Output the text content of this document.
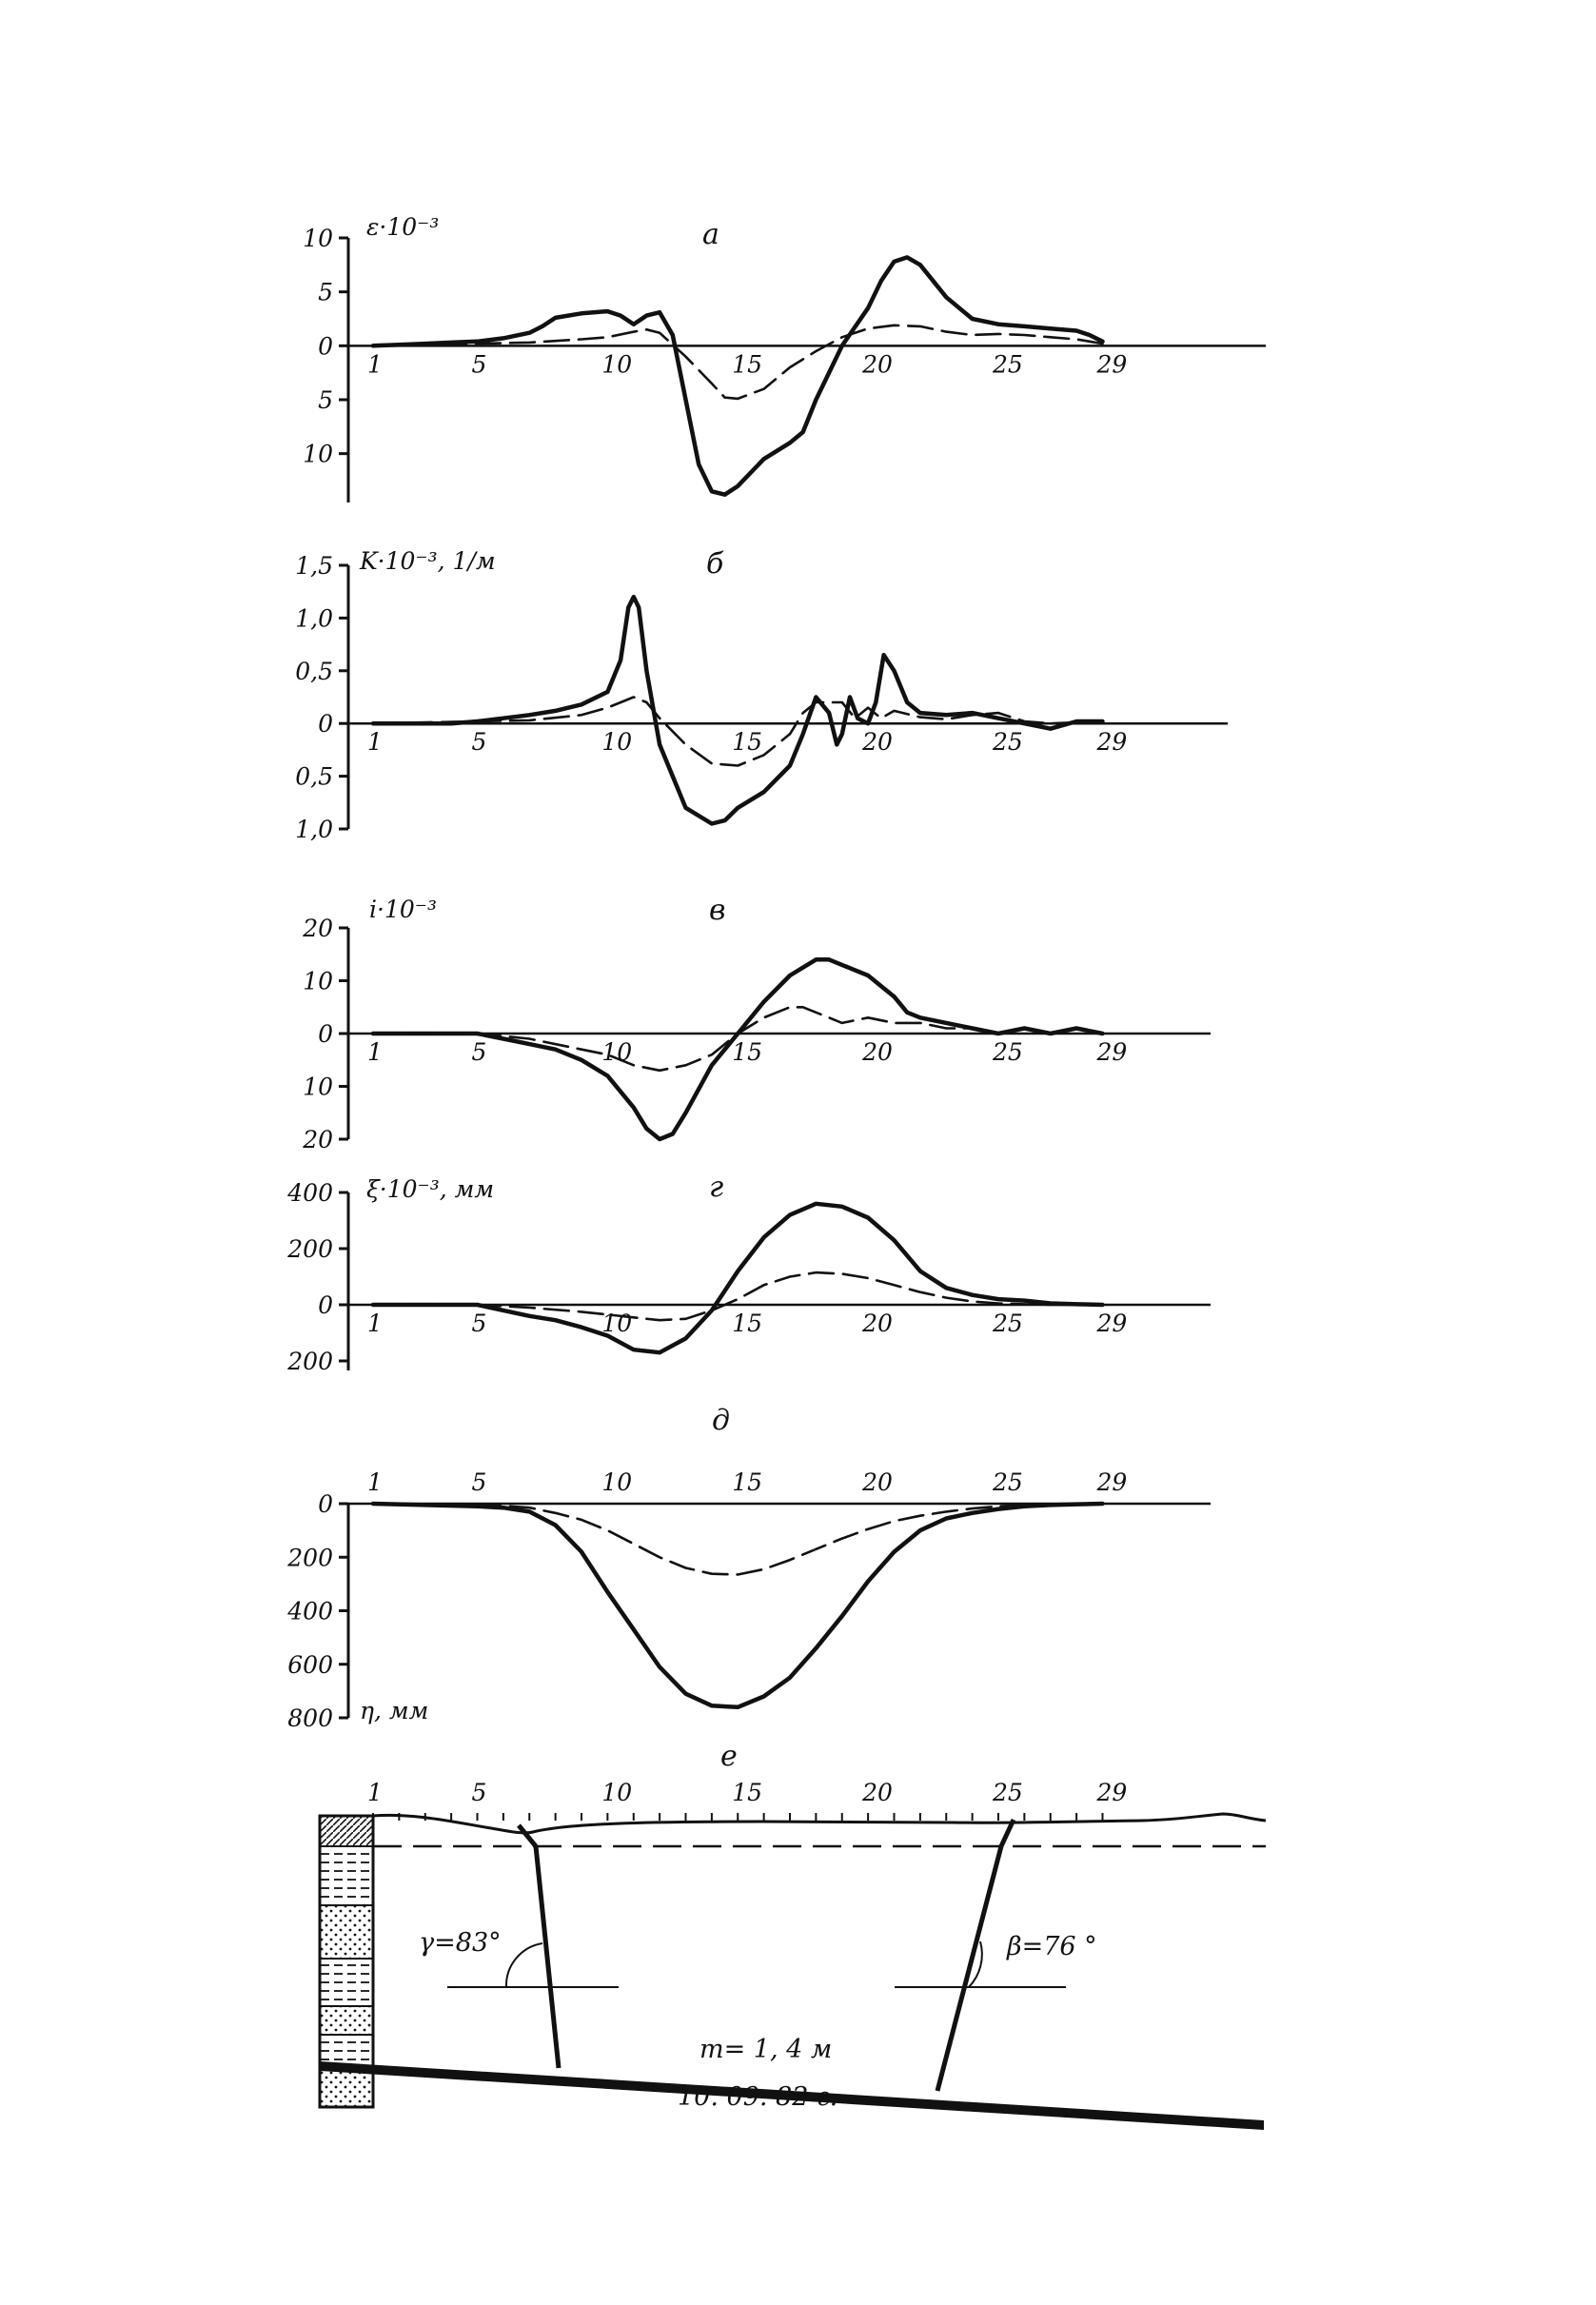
а
ε·10⁻³
10
5
0
5
10
1	5	10	15	20	25	29
б
K·10⁻³, 1/м
1,5
1,0
0,5
0
0,5
1,0
1	5	10	15	20	25	29
в
i·10⁻³
20
10
0
10
20
1	5	10	15	20	25	29
г
ξ·10⁻³, мм
400
200
0
200
1	5	10	15	20	25	29
д
η, мм
0
200
400
600
800
1	5	10	15	20	25	29
е
1	5	10	15	20	25	29
γ=83°	β=76 °
m= 1, 4 м
10. 09. 82 г.
